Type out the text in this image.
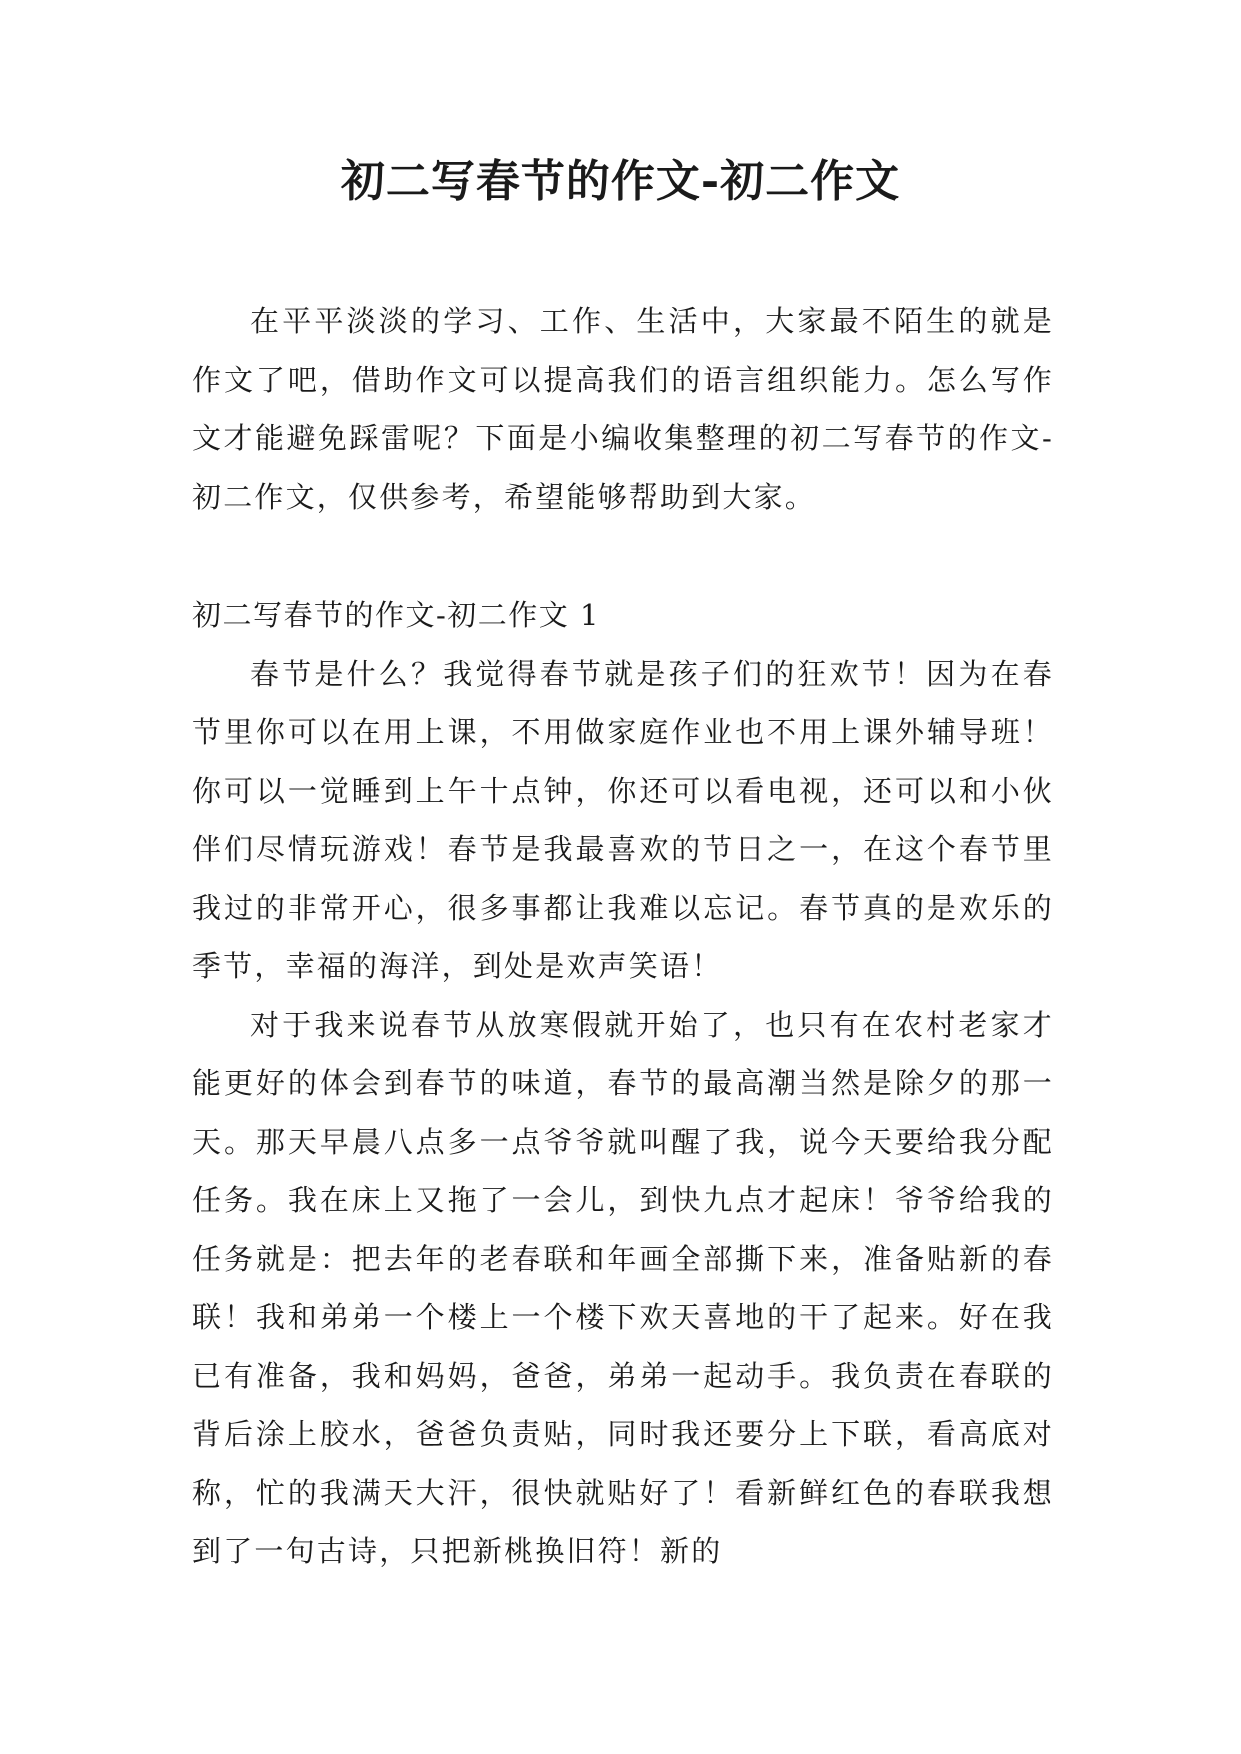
初二写春节的作文-初二作文

在平平淡淡的学习、工作、生活中，大家最不陌生的就是作文了吧，借助作文可以提高我们的语言组织能力。怎么写作文才能避免踩雷呢？下面是小编收集整理的初二写春节的作文-初二作文，仅供参考，希望能够帮助到大家。

初二写春节的作文-初二作文 1

春节是什么？我觉得春节就是孩子们的狂欢节！因为在春节里你可以在用上课，不用做家庭作业也不用上课外辅导班！你可以一觉睡到上午十点钟，你还可以看电视，还可以和小伙伴们尽情玩游戏！春节是我最喜欢的节日之一，在这个春节里我过的非常开心，很多事都让我难以忘记。春节真的是欢乐的季节，幸福的海洋，到处是欢声笑语！

对于我来说春节从放寒假就开始了，也只有在农村老家才能更好的体会到春节的味道，春节的最高潮当然是除夕的那一天。那天早晨八点多一点爷爷就叫醒了我，说今天要给我分配任务。我在床上又拖了一会儿，到快九点才起床！爷爷给我的任务就是：把去年的老春联和年画全部撕下来，准备贴新的春联！我和弟弟一个楼上一个楼下欢天喜地的干了起来。好在我已有准备，我和妈妈，爸爸，弟弟一起动手。我负责在春联的背后涂上胶水，爸爸负责贴，同时我还要分上下联，看高底对称，忙的我满天大汗，很快就贴好了！看新鲜红色的春联我想到了一句古诗，只把新桃换旧符！新的
